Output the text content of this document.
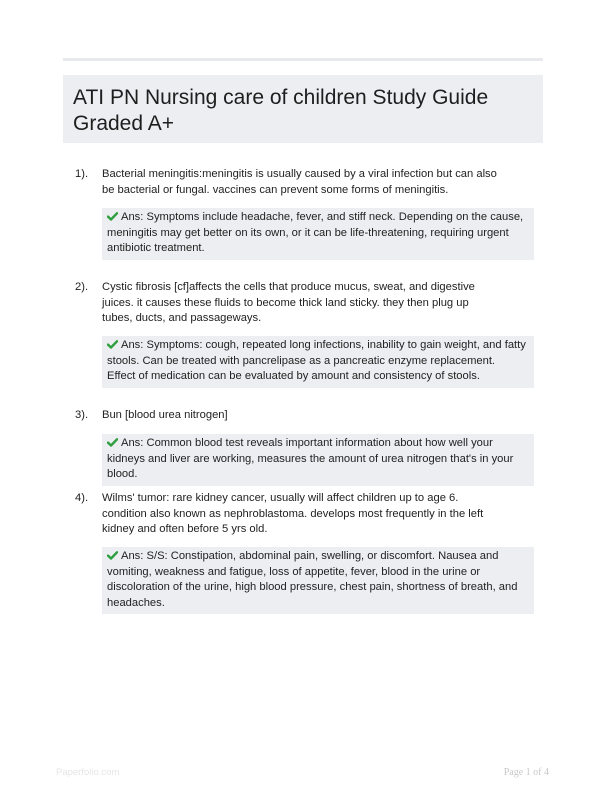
ATI PN Nursing care of children Study Guide Graded A+
1). Bacterial meningitis:meningitis is usually caused by a viral infection but can also be bacterial or fungal. vaccines can prevent some forms of meningitis.
Ans: Symptoms include headache, fever, and stiff neck. Depending on the cause, meningitis may get better on its own, or it can be life-threatening, requiring urgent antibiotic treatment.
2). Cystic fibrosis [cf]affects the cells that produce mucus, sweat, and digestive juices. it causes these fluids to become thick land sticky. they then plug up tubes, ducts, and passageways.
Ans: Symptoms: cough, repeated long infections, inability to gain weight, and fatty stools. Can be treated with pancrelipase as a pancreatic enzyme replacement. Effect of medication can be evaluated by amount and consistency of stools.
3). Bun [blood urea nitrogen]
Ans: Common blood test reveals important information about how well your kidneys and liver are working, measures the amount of urea nitrogen that's in your blood.
4). Wilms' tumor: rare kidney cancer, usually will affect children up to age 6. condition also known as nephroblastoma. develops most frequently in the left kidney and often before 5 yrs old.
Ans: S/S: Constipation, abdominal pain, swelling, or discomfort. Nausea and vomiting, weakness and fatigue, loss of appetite, fever, blood in the urine or discoloration of the urine, high blood pressure, chest pain, shortness of breath, and headaches.
Paperfolio.com	Page 1 of 4
